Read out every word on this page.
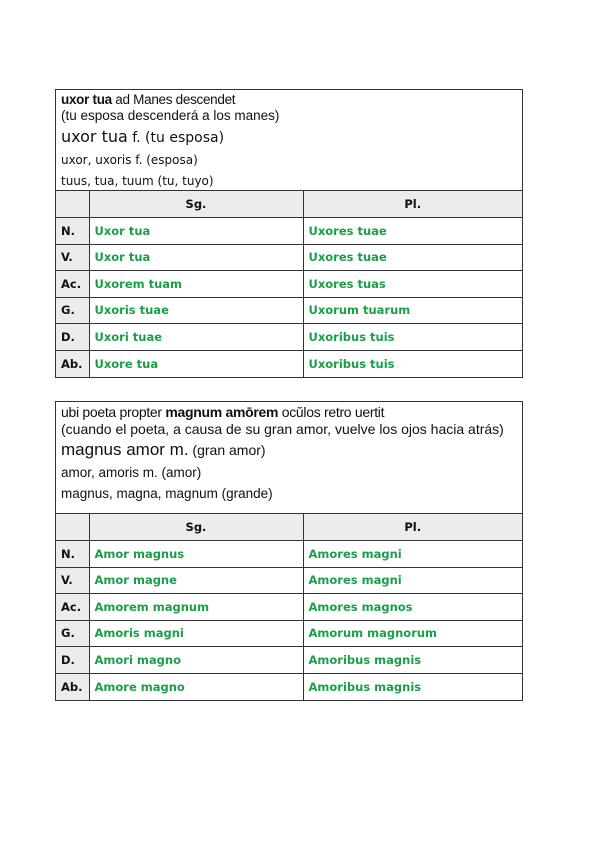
uxor tua ad Manes descendet
(tu esposa descenderá a los manes)
uxor tua f. (tu esposa)
uxor, uxoris f. (esposa)
tuus, tua, tuum (tu, tuyo)
	Sg.	Pl.
N.	Uxor tua	Uxores tuae
V.	Uxor tua	Uxores tuae
Ac.	Uxorem tuam	Uxores tuas
G.	Uxoris tuae	Uxorum tuarum
D.	Uxori tuae	Uxoribus tuis
Ab.	Uxore tua	Uxoribus tuis
ubi poeta propter magnum amōrem ocŭlos retro uertit
(cuando el poeta, a causa de su gran amor, vuelve los ojos hacia atrás)
magnus amor m. (gran amor)
amor, amoris m. (amor)
magnus, magna, magnum (grande)
	Sg.	Pl.
N.	Amor magnus	Amores magni
V.	Amor magne	Amores magni
Ac.	Amorem magnum	Amores magnos
G.	Amoris magni	Amorum magnorum
D.	Amori magno	Amoribus magnis
Ab.	Amore magno	Amoribus magnis
